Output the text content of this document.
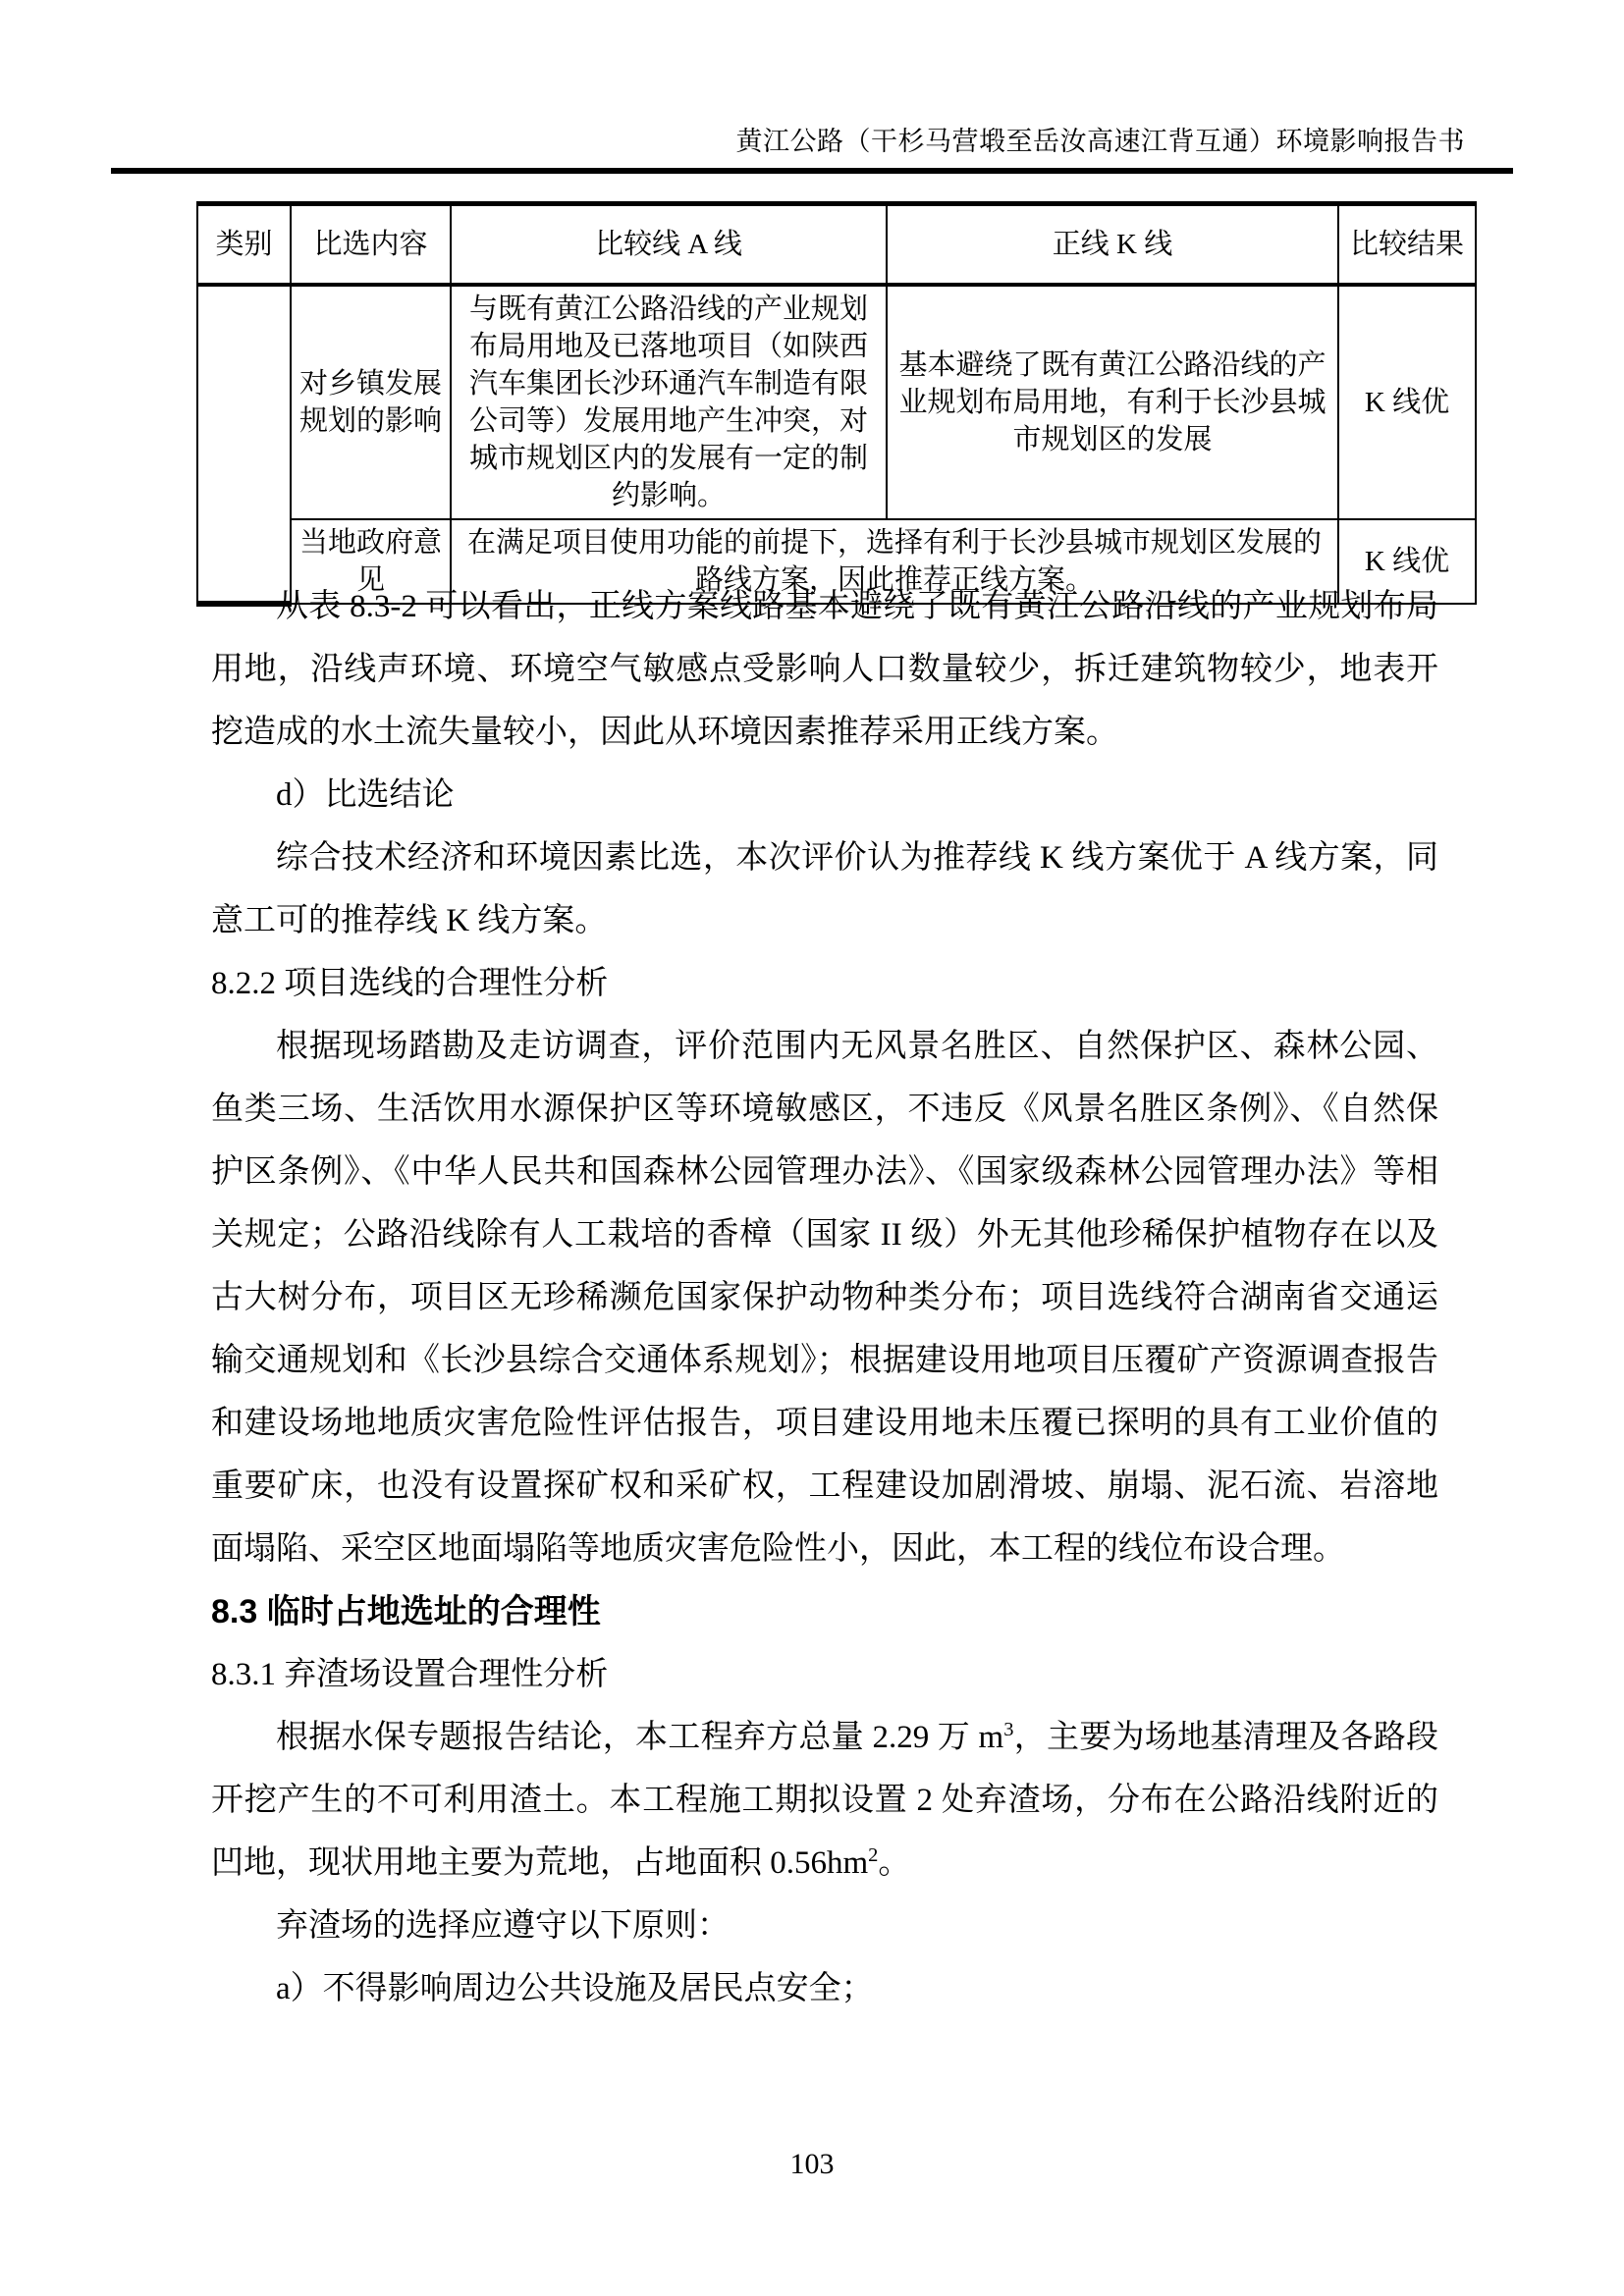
黄江公路（干杉马营塅至岳汝高速江背互通）环境影响报告书
类别	比选内容	比较线 A 线	正线 K 线	比较结果
	对乡镇发展规划的影响	与既有黄江公路沿线的产业规划布局用地及已落地项目（如陕西汽车集团长沙环通汽车制造有限公司等）发展用地产生冲突，对城市规划区内的发展有一定的制约影响。	基本避绕了既有黄江公路沿线的产业规划布局用地，有利于长沙县城市规划区的发展	K 线优
	当地政府意见	在满足项目使用功能的前提下，选择有利于长沙县城市规划区发展的路线方案，因此推荐正线方案。		K 线优

从表 8.3-2 可以看出，正线方案线路基本避绕了既有黄江公路沿线的产业规划布局用地，沿线声环境、环境空气敏感点受影响人口数量较少，拆迁建筑物较少，地表开挖造成的水土流失量较小，因此从环境因素推荐采用正线方案。

d）比选结论

综合技术经济和环境因素比选，本次评价认为推荐线 K 线方案优于 A 线方案，同意工可的推荐线 K 线方案。

8.2.2 项目选线的合理性分析

根据现场踏勘及走访调查，评价范围内无风景名胜区、自然保护区、森林公园、鱼类三场、生活饮用水源保护区等环境敏感区，不违反《风景名胜区条例》、《自然保护区条例》、《中华人民共和国森林公园管理办法》、《国家级森林公园管理办法》等相关规定；公路沿线除有人工栽培的香樟（国家 II 级）外无其他珍稀保护植物存在以及古大树分布，项目区无珍稀濒危国家保护动物种类分布；项目选线符合湖南省交通运输交通规划和《长沙县综合交通体系规划》；根据建设用地项目压覆矿产资源调查报告和建设场地地质灾害危险性评估报告，项目建设用地未压覆已探明的具有工业价值的重要矿床，也没有设置探矿权和采矿权，工程建设加剧滑坡、崩塌、泥石流、岩溶地面塌陷、采空区地面塌陷等地质灾害危险性小，因此，本工程的线位布设合理。

8.3 临时占地选址的合理性

8.3.1 弃渣场设置合理性分析

根据水保专题报告结论，本工程弃方总量 2.29 万 $m^3$，主要为场地基清理及各路段开挖产生的不可利用渣土。本工程施工期拟设置 2 处弃渣场，分布在公路沿线附近的凹地，现状用地主要为荒地，占地面积 $0.56hm^2$。

弃渣场的选择应遵守以下原则：

a）不得影响周边公共设施及居民点安全；

103
